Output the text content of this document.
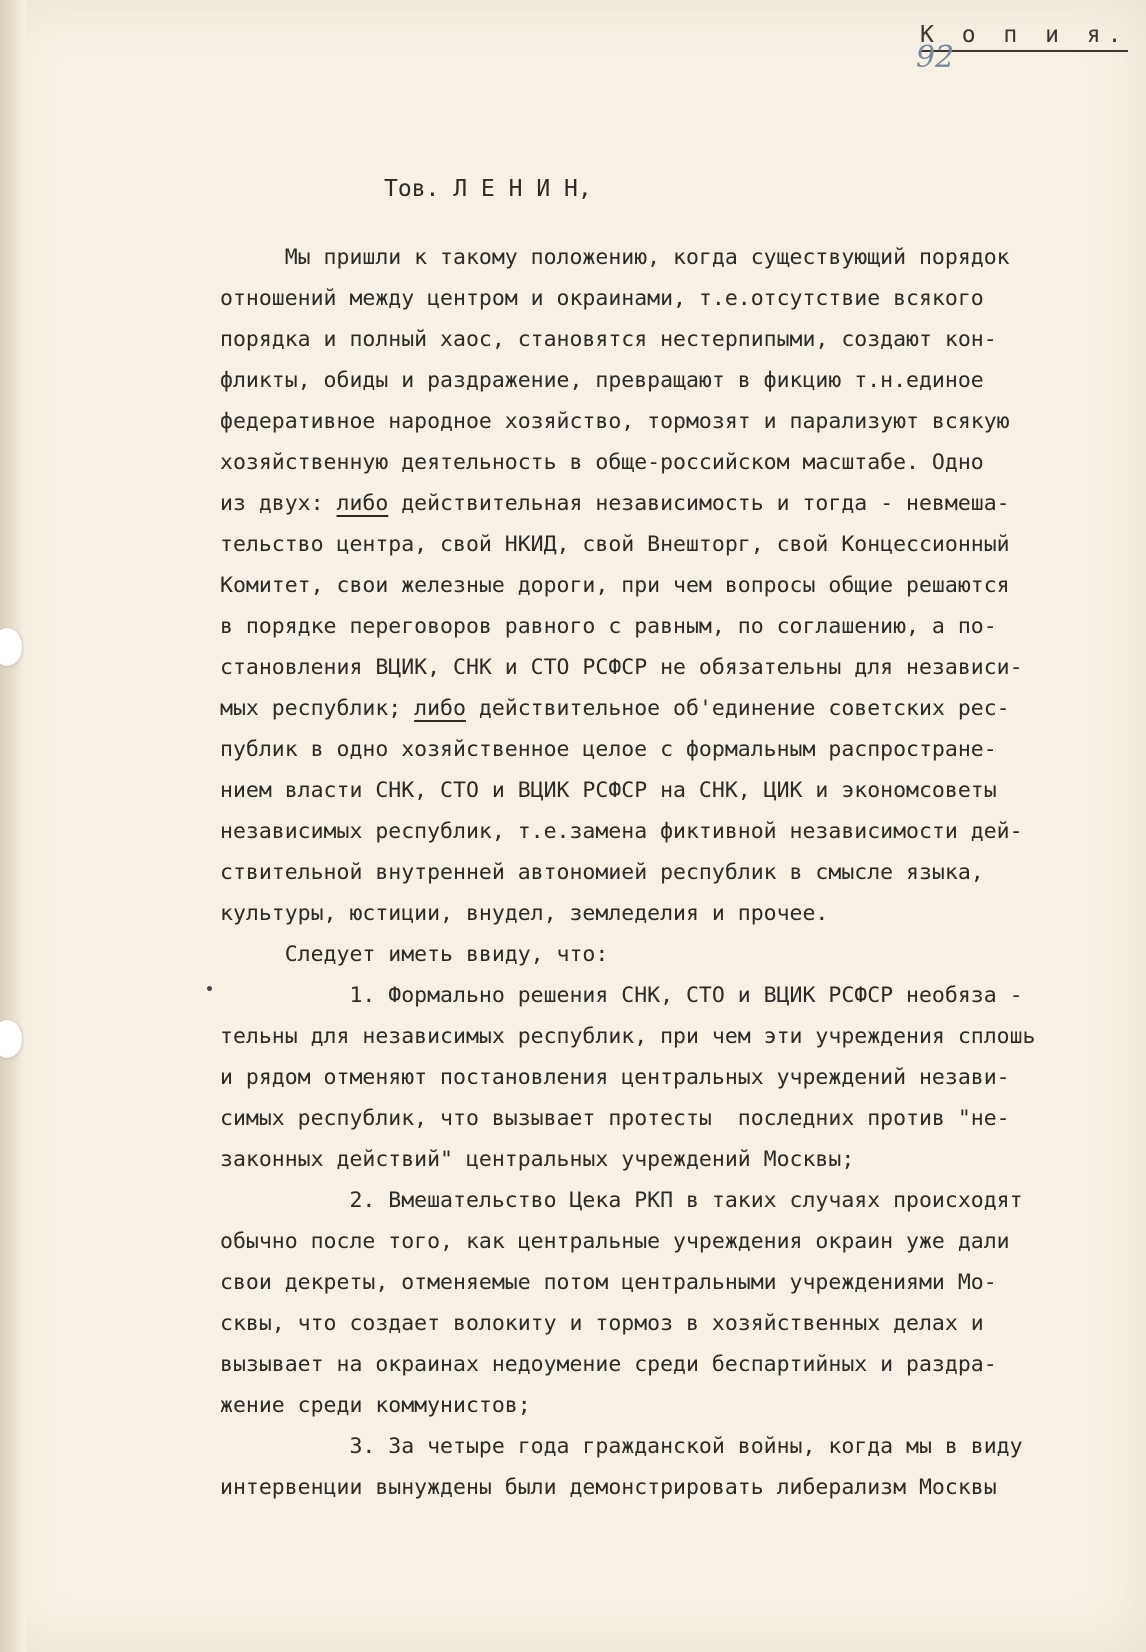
К о п и я. 92
Тов. Л Е Н И Н,
Мы пришли к такому положению, когда существующий порядок
отношений между центром и окраинами, т.е.отсутствие всякого
порядка и полный хаос, становятся нестерпипыми, создают кон-
фликты, обиды и раздражение, превращают в фикцию т.н.единое
федеративное народное хозяйство, тормозят и парализуют всякую
хозяйственную деятельность в обще-российском масштабе. Одно
из двух: либо действительная независимость и тогда - невмеша-
тельство центра, свой НКИД, свой Внешторг, свой Концессионный
Комитет, свои железные дороги, при чем вопросы общие решаются
в порядке переговоров равного с равным, по соглашению, а по-
становления ВЦИК, СНК и СТО РСФСР не обязательны для независи-
мых республик; либо действительное об'единение советских рес-
публик в одно хозяйственное целое с формальным распростране-
нием власти СНК, СТО и ВЦИК РСФСР на СНК, ЦИК и экономсоветы
независимых республик, т.е.замена фиктивной независимости дей-
ствительной внутренней автономией республик в смысле языка,
культуры, юстиции, внудел, земледелия и прочее.
Следует иметь ввиду, что:
1. Формально решения СНК, СТО и ВЦИК РСФСР необяза -
тельны для независимых республик, при чем эти учреждения сплошь
и рядом отменяют постановления центральных учреждений незави-
симых республик, что вызывает протесты  последних против "не-
законных действий" центральных учреждений Москвы;
2. Вмешательство Цека РКП в таких случаях происходят
обычно после того, как центральные учреждения окраин уже дали
свои декреты, отменяемые потом центральными учреждениями Мо-
сквы, что создает волокиту и тормоз в хозяйственных делах и
вызывает на окраинах недоумение среди беспартийных и раздра-
жение среди коммунистов;
3. За четыре года гражданской войны, когда мы в виду
интервенции вынуждены были демонстрировать либерализм Москвы
